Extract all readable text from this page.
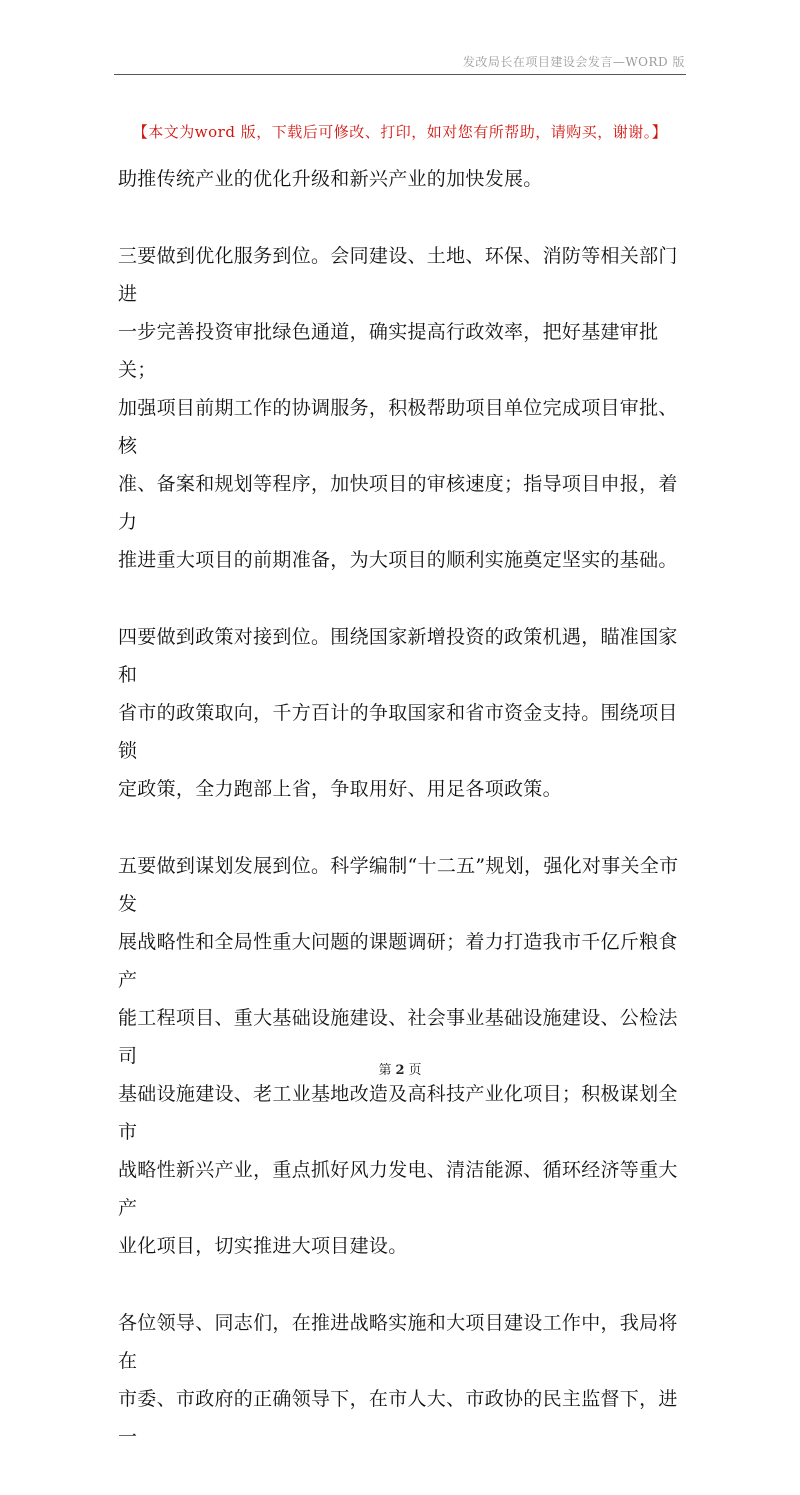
发改局长在项目建设会发言—WORD 版
【本文为word 版，下载后可修改、打印，如对您有所帮助，请购买，谢谢。】

助推传统产业的优化升级和新兴产业的加快发展。

三要做到优化服务到位。会同建设、土地、环保、消防等相关部门进

一步完善投资审批绿色通道，确实提高行政效率，把好基建审批关；

加强项目前期工作的协调服务，积极帮助项目单位完成项目审批、核

准、备案和规划等程序，加快项目的审核速度；指导项目申报，着力

推进重大项目的前期准备，为大项目的顺利实施奠定坚实的基础。

四要做到政策对接到位。围绕国家新增投资的政策机遇，瞄准国家和

省市的政策取向，千方百计的争取国家和省市资金支持。围绕项目锁

定政策，全力跑部上省，争取用好、用足各项政策。

五要做到谋划发展到位。科学编制“十二五”规划，强化对事关全市发

展战略性和全局性重大问题的课题调研；着力打造我市千亿斤粮食产

能工程项目、重大基础设施建设、社会事业基础设施建设、公检法司

基础设施建设、老工业基地改造及高科技产业化项目；积极谋划全市

战略性新兴产业，重点抓好风力发电、清洁能源、循环经济等重大产

业化项目，切实推进大项目建设。

各位领导、同志们，在推进战略实施和大项目建设工作中，我局将在

市委、市政府的正确领导下，在市人大、市政协的民主监督下，进一

第 2 页
